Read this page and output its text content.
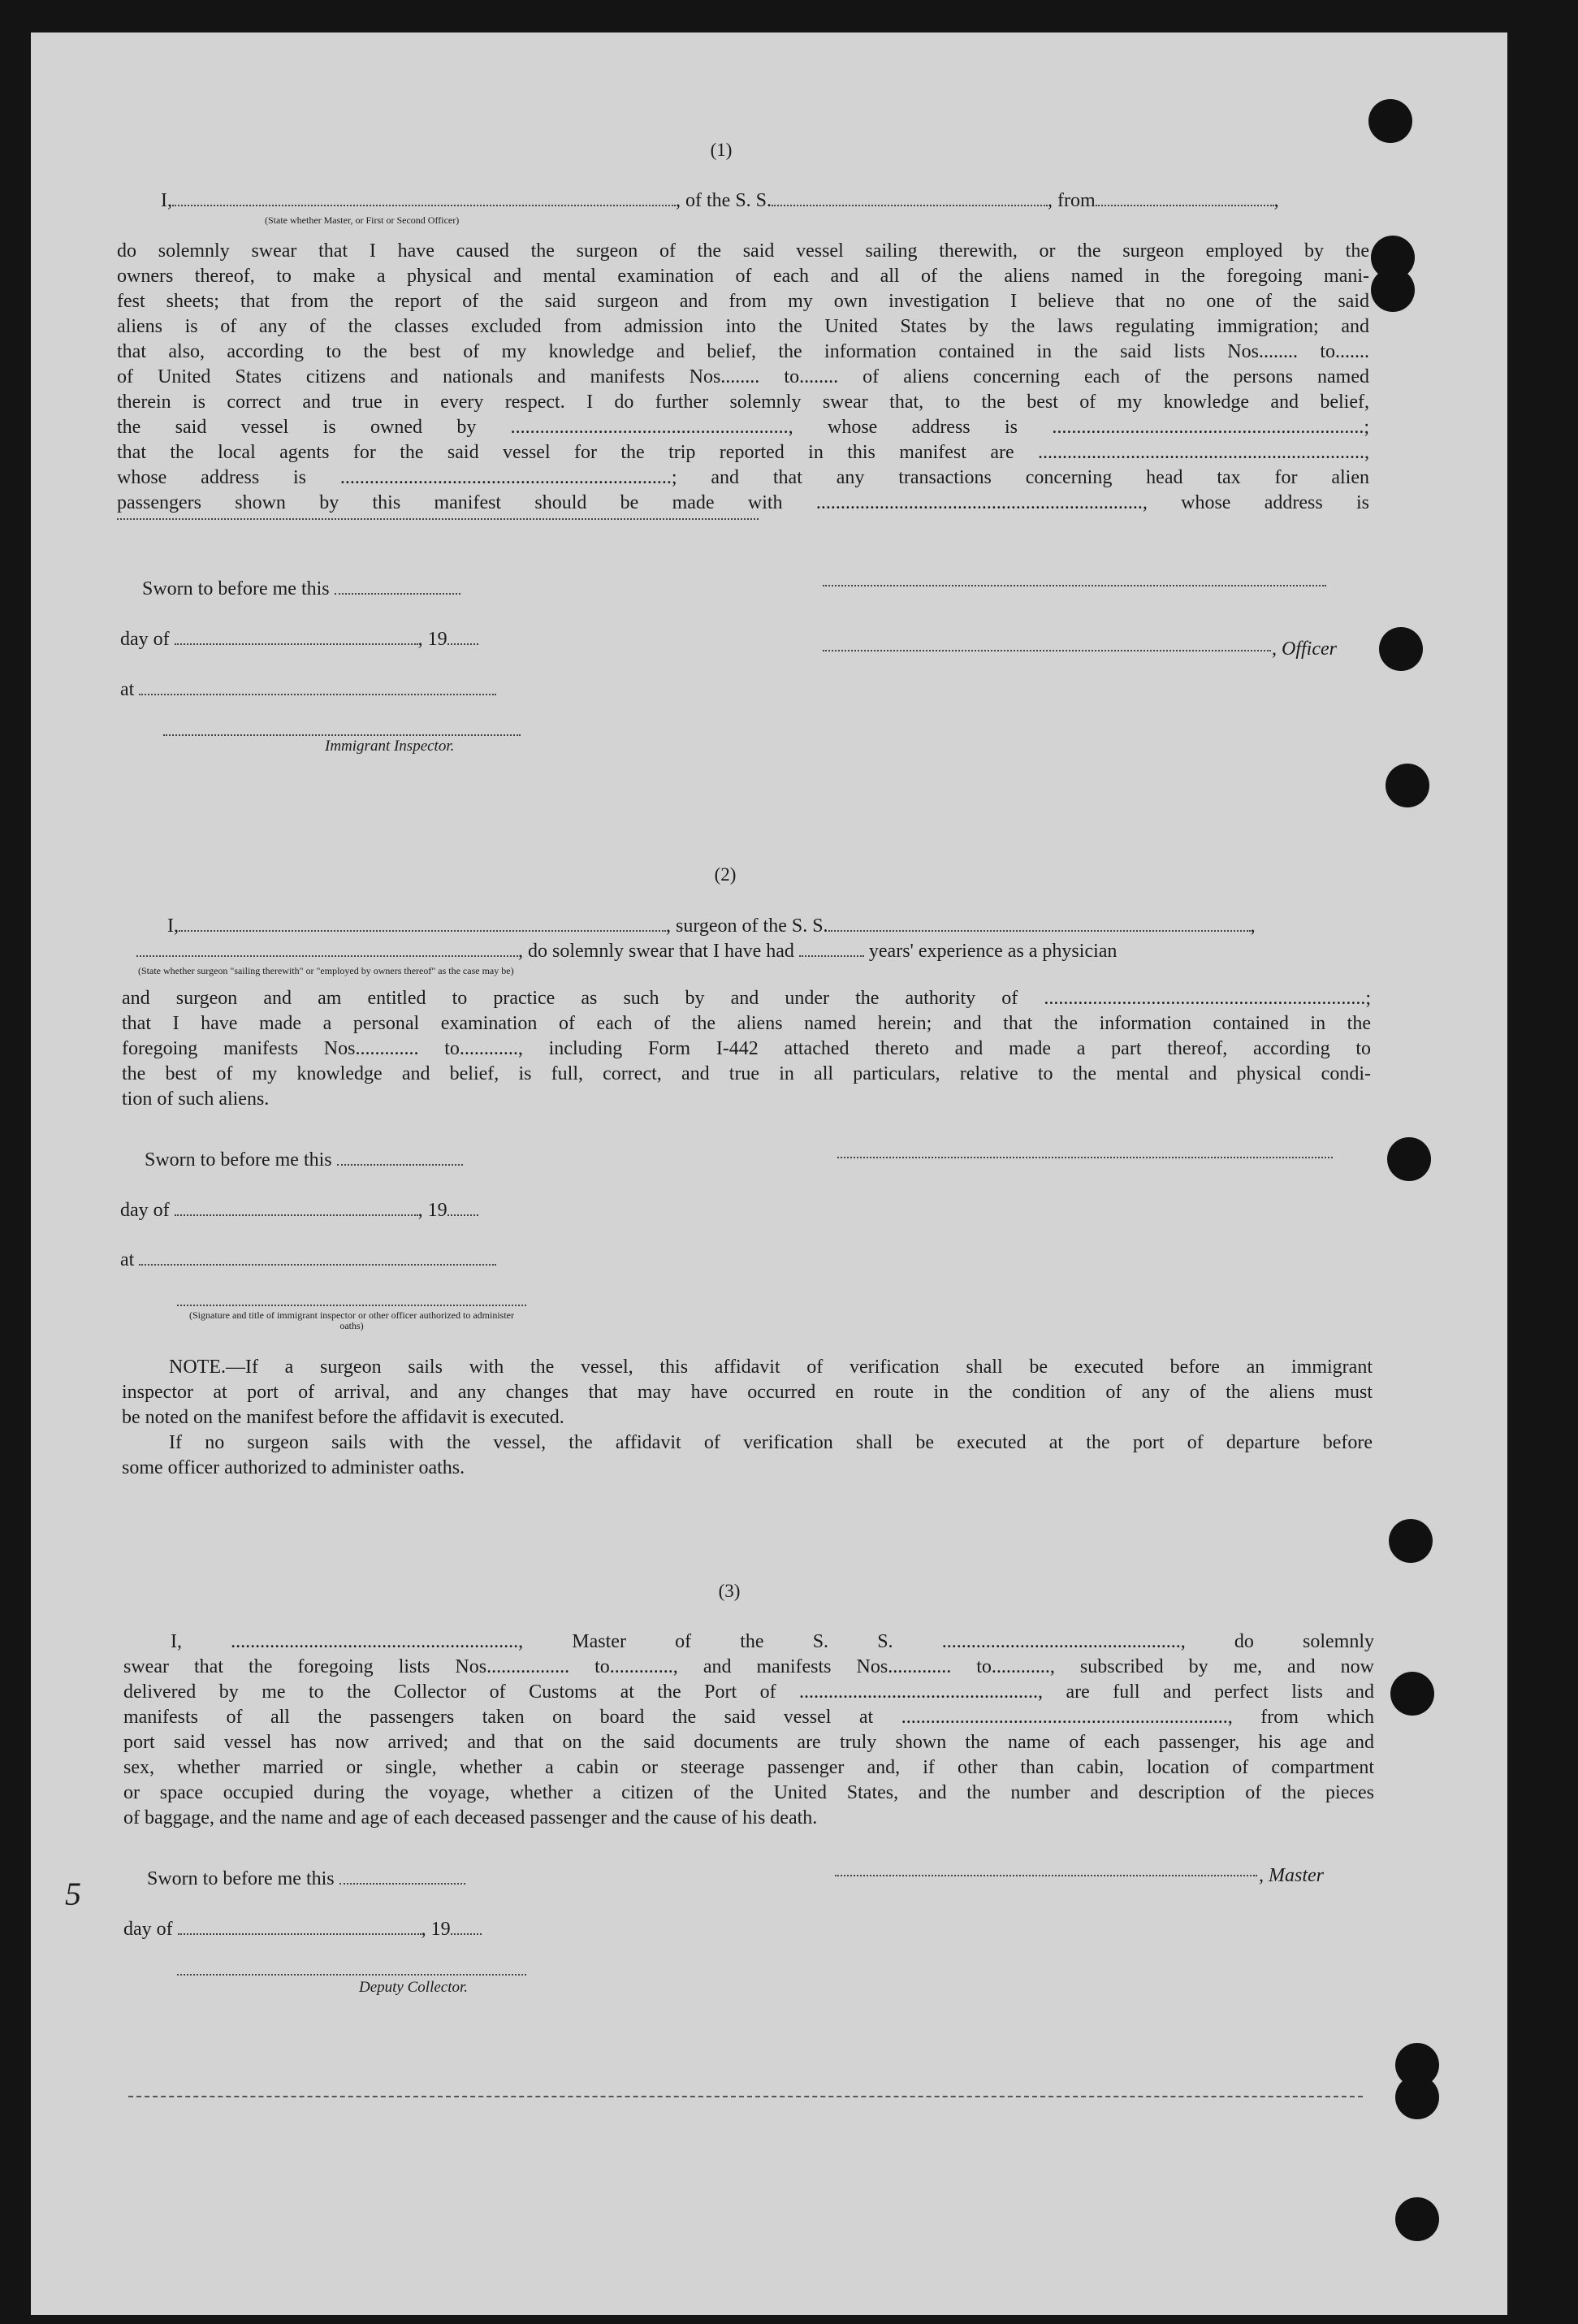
(1)
I,	, of the S. S.	, from	,
(State whether Master, or First or Second Officer)
do solemnly swear that I have caused the surgeon of the said vessel sailing therewith, or the surgeon employed by the
owners thereof, to make a physical and mental examination of each and all of the aliens named in the foregoing mani-
fest sheets; that from the report of the said surgeon and from my own investigation I believe that no one of the said
aliens is of any of the classes excluded from admission into the United States by the laws regulating immigration; and
that also, according to the best of my knowledge and belief, the information contained in the said lists Nos........ to.......
of United States citizens and nationals and manifests Nos........ to........ of aliens concerning each of the persons named
therein is correct and true in every respect. I do further solemnly swear that, to the best of my knowledge and belief,
the said vessel is owned by ........................................................., whose address is ................................................................;
that the local agents for the said vessel for the trip reported in this manifest are ...................................................................,
whose address is ....................................................................; and that any transactions concerning head tax for alien
passengers shown by this manifest should be made with ..................................................................., whose address is
Sworn to before me this
day of	, 19	, Officer
at
Immigrant Inspector.
(2)
I,	, surgeon of the S. S.	,
, do solemnly swear that I have had	years' experience as a physician
(State whether surgeon "sailing therewith" or "employed by owners thereof" as the case may be)
and surgeon and am entitled to practice as such by and under the authority of ..................................................................;
that I have made a personal examination of each of the aliens named herein; and that the information contained in the
foregoing manifests Nos............. to............, including Form I-442 attached thereto and made a part thereof, according to
the best of my knowledge and belief, is full, correct, and true in all particulars, relative to the mental and physical condi-
tion of such aliens.
Sworn to before me this
day of	, 19
at
(Signature and title of immigrant inspector or other officer authorized to administer oaths)
NOTE.—If a surgeon sails with the vessel, this affidavit of verification shall be executed before an immigrant
inspector at port of arrival, and any changes that may have occurred en route in the condition of any of the aliens must
be noted on the manifest before the affidavit is executed.
If no surgeon sails with the vessel, the affidavit of verification shall be executed at the port of departure before
some officer authorized to administer oaths.
(3)
I, ..........................................................., Master of the S. S. ................................................., do solemnly
swear that the foregoing lists Nos................. to............., and manifests Nos............. to............, subscribed by me, and now
delivered by me to the Collector of Customs at the Port of ................................................., are full and perfect lists and
manifests of all the passengers taken on board the said vessel at ..................................................................., from which
port said vessel has now arrived; and that on the said documents are truly shown the name of each passenger, his age and
sex, whether married or single, whether a cabin or steerage passenger and, if other than cabin, location of compartment
or space occupied during the voyage, whether a citizen of the United States, and the number and description of the pieces
of baggage, and the name and age of each deceased passenger and the cause of his death.
Sworn to before me this	, Master
day of	, 19
Deputy Collector.
5
